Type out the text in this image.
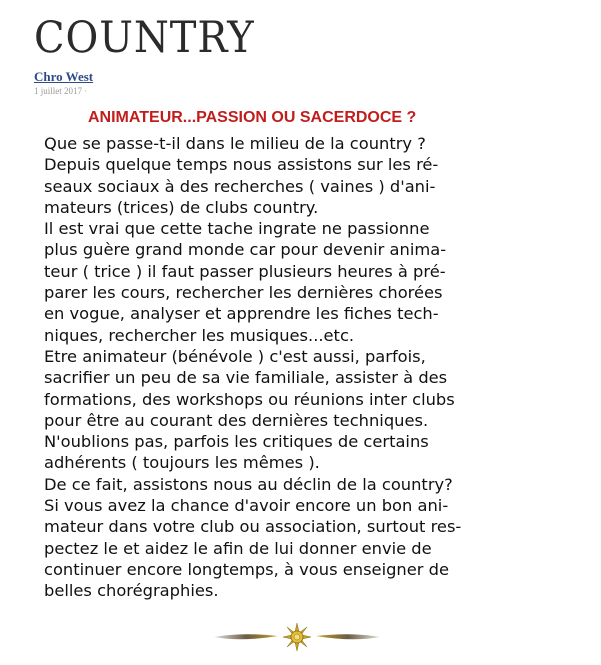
COUNTRY
Chro West
1 juillet 2017 ·
ANIMATEUR...PASSION OU SACERDOCE ?
Que se passe-t-il dans le milieu de la country ?
Depuis quelque temps nous assistons sur les ré-
seaux sociaux à des recherches ( vaines ) d'ani-
mateurs (trices) de clubs country.
Il est vrai que cette tache ingrate ne passionne
plus guère grand monde car pour devenir anima-
teur ( trice ) il faut passer plusieurs heures à pré-
parer les cours, rechercher les dernières chorées
en vogue, analyser et apprendre les fiches tech-
niques, rechercher les musiques...etc.
Etre animateur (bénévole ) c'est aussi, parfois,
sacrifier un peu de sa vie familiale, assister à des
formations, des workshops ou réunions inter clubs
pour être au courant des dernières techniques.
N'oublions pas, parfois les critiques de certains
adhérents ( toujours les mêmes ).
De ce fait, assistons nous au déclin de la country?
Si vous avez la chance d'avoir encore un bon ani-
mateur dans votre club ou association, surtout res-
pectez le et aidez le afin de lui donner envie de
continuer encore longtemps, à vous enseigner de
belles chorégraphies.
